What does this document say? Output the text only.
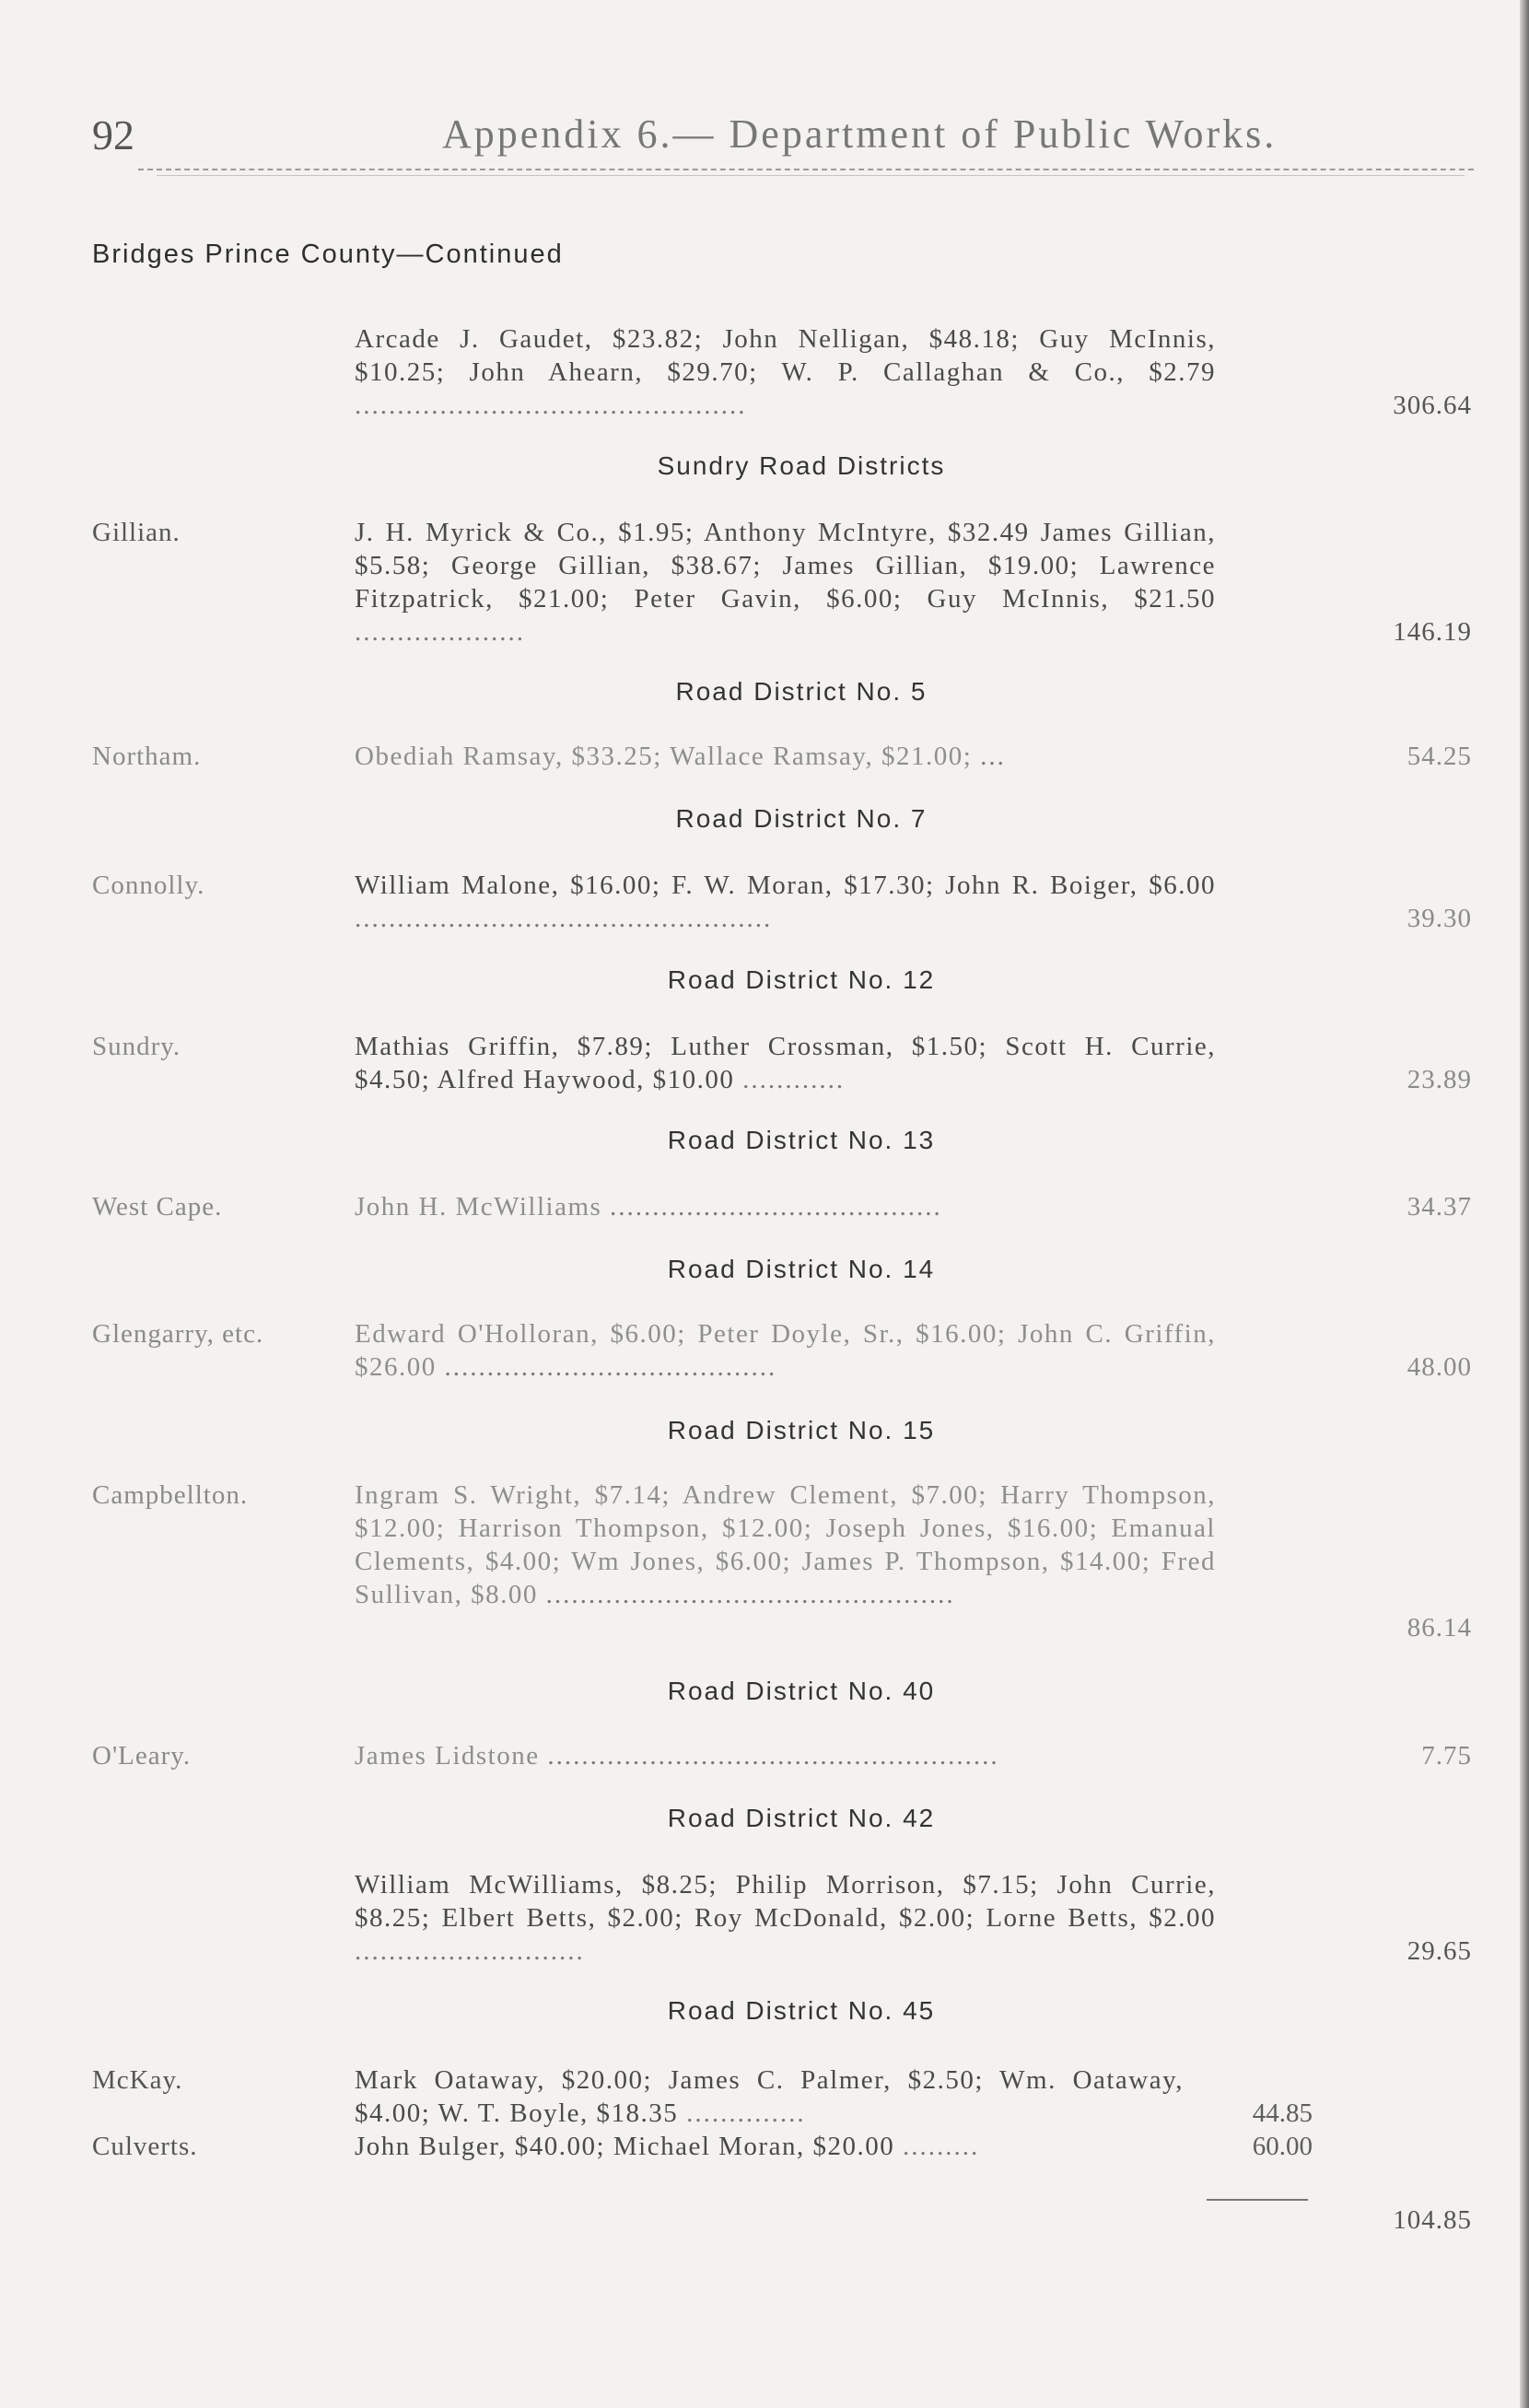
92	Appendix 6.— Department of Public Works.
Bridges Prince County—Continued
Arcade J. Gaudet, $23.82; John Nelligan, $48.18; Guy McInnis, $10.25; John Ahearn, $29.70; W. P. Callaghan & Co., $2.79 ..............................................	306.64
Sundry Road Districts
Gillian.	J. H. Myrick & Co., $1.95; Anthony McIntyre, $32.49 James Gillian, $5.58; George Gillian, $38.67; James Gillian, $19.00; Lawrence Fitzpatrick, $21.00; Peter Gavin, $6.00; Guy McInnis, $21.50 ....................	146.19
Road District No. 5
Northam.	Obediah Ramsay, $33.25; Wallace Ramsay, $21.00; ...	54.25
Road District No. 7
Connolly.	William Malone, $16.00; F. W. Moran, $17.30; John R. Boiger, $6.00 .................................................	39.30
Road District No. 12
Sundry.	Mathias Griffin, $7.89; Luther Crossman, $1.50; Scott H. Currie, $4.50; Alfred Haywood, $10.00 ............	23.89
Road District No. 13
West Cape.	John H. McWilliams .......................................	34.37
Road District No. 14
Glengarry, etc.	Edward O'Holloran, $6.00; Peter Doyle, Sr., $16.00; John C. Griffin, $26.00 .......................................	48.00
Road District No. 15
Campbellton.	Ingram S. Wright, $7.14; Andrew Clement, $7.00; Harry Thompson, $12.00; Harrison Thompson, $12.00; Joseph Jones, $16.00; Emanual Clements, $4.00; Wm Jones, $6.00; James P. Thompson, $14.00; Fred Sullivan, $8.00 ................................................
86.14
Road District No. 40
O'Leary.	James Lidstone .....................................................	7.75
Road District No. 42
William McWilliams, $8.25; Philip Morrison, $7.15; John Currie, $8.25; Elbert Betts, $2.00; Roy McDonald, $2.00; Lorne Betts, $2.00 ...........................	29.65
Road District No. 45
McKay.	Mark Oataway, $20.00; James C. Palmer, $2.50; Wm. Oataway, $4.00; W. T. Boyle, $18.35 ..............	44.85
Culverts.	John Bulger, $40.00; Michael Moran, $20.00 .........	60.00
104.85
